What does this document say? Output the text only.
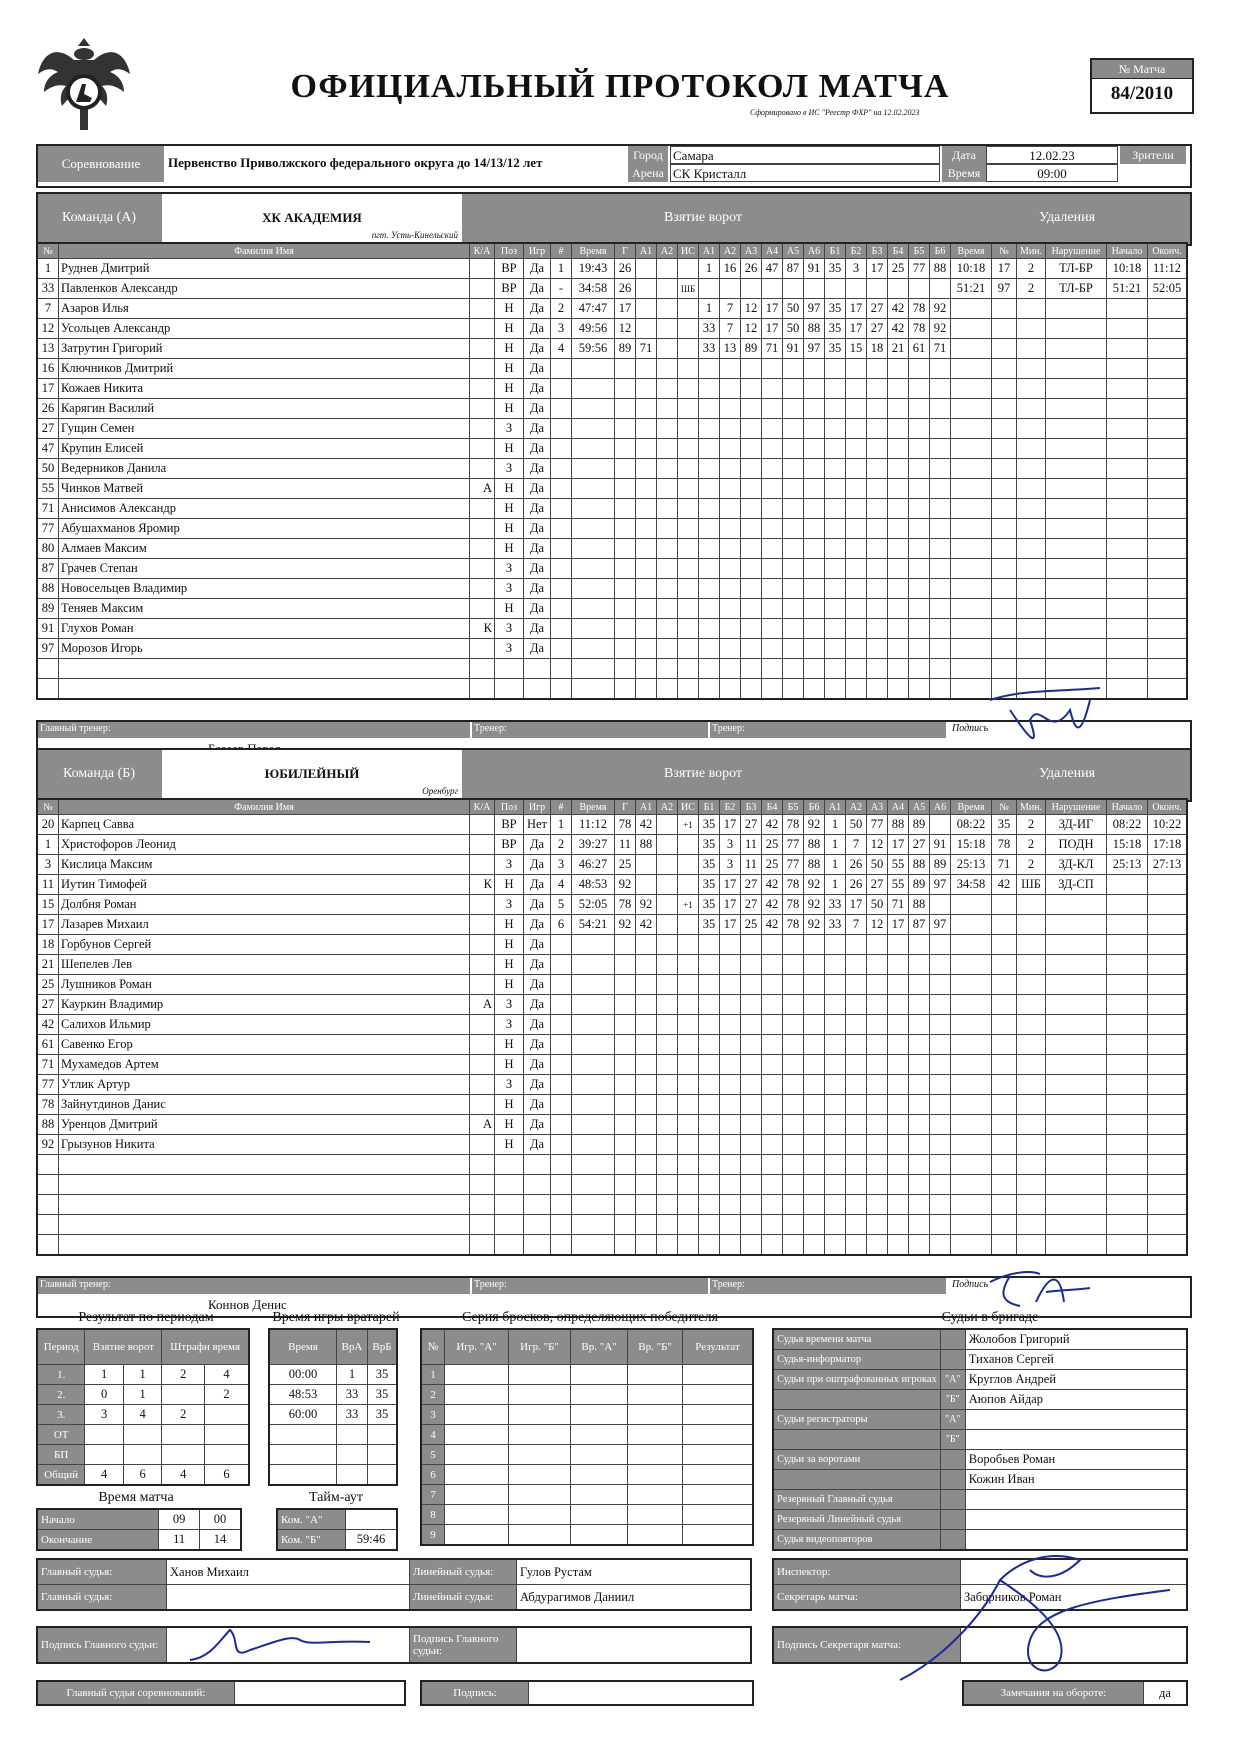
ОФИЦИАЛЬНЫЙ ПРОТОКОЛ МАТЧА
Сформировано в ИС "Реестр ФХР" на 12.02.2023
№ Матча
84/2010
Соревнование	Первенство Приволжского федерального округа до 14/13/12 лет	Город Самара
Арена СК Кристалл
Дата	12.02.23
Время	09:00
Зрители
Команда (А)	ХК АКАДЕМИЯ
пгт. Усть-Кинельский
Взятие ворот	Удаления
№	Фамилия Имя	К/А	Поз	Игр	#	Время	Г	А1	А2	ИС	А1	А2	А3	А4	А5	А6	Б1	Б2	Б3	Б4	Б5	Б6	Время	№	Мин.	Нарушение	Начало	Оконч.
1	Руднев Дмитрий		ВР	Да	1	19:43	26				1	16	26	47	87	91	35	3	17	25	77	88	10:18	17	2	ТЛ-БР	10:18	11:12
33	Павленков Александр		ВР	Да	-	34:58	26			ШБ													51:21	97	2	ТЛ-БР	51:21	52:05
7	Азаров Илья		Н	Да	2	47:47	17				1	7	12	17	50	97	35	17	27	42	78	92						
12	Усольцев Александр		Н	Да	3	49:56	12				33	7	12	17	50	88	35	17	27	42	78	92						
13	Затрутин Григорий		Н	Да	4	59:56	89	71			33	13	89	71	91	97	35	15	18	21	61	71						
16	Ключников Дмитрий		Н	Да																								
17	Кожаев Никита		Н	Да																								
26	Карягин Василий		Н	Да																								
27	Гущин Семен		З	Да																								
47	Крупин Елисей		Н	Да																								
50	Ведерников Данила		З	Да																								
55	Чинков Матвей	А	Н	Да																								
71	Анисимов Александр		Н	Да																								
77	Абушахманов Яромир		Н	Да																								
80	Алмаев Максим		Н	Да																								
87	Грачев Степан		З	Да																								
88	Новосельцев Владимир		З	Да																								
89	Теняев Максим		Н	Да																								
91	Глухов Роман	К	З	Да																								
97	Морозов Игорь		З	Да																								

Главный тренер:	Тренер:	Тренер:	Подпись
Команда (Б)	ЮБИЛЕЙНЫЙ
Оренбург
Взятие ворот	Удаления
№	Фамилия Имя	К/А	Поз	Игр	#	Время	Г	А1	А2	ИС	Б1	Б2	Б3	Б4	Б5	Б6	А1	А2	А3	А4	А5	А6	Время	№	Мин.	Нарушение	Начало	Оконч.
20	Карпец Савва		ВР	Нет	1	11:12	78	42		+1	35	17	27	42	78	92	1	50	77	88	89		08:22	35	2	ЗД-ИГ	08:22	10:22
1	Христофоров Леонид		ВР	Да	2	39:27	11	88			35	3	11	25	77	88	1	7	12	17	27	91	15:18	78	2	ПОДН	15:18	17:18
3	Кислица Максим		З	Да	3	46:27	25				35	3	11	25	77	88	1	26	50	55	88	89	25:13	71	2	ЗД-КЛ	25:13	27:13
11	Иутин Тимофей	К	Н	Да	4	48:53	92				35	17	27	42	78	92	1	26	27	55	89	97	34:58	42	ШБ	ЗД-СП		
15	Долбня Роман		З	Да	5	52:05	78	92		+1	35	17	27	42	78	92	33	17	50	71	88							
17	Лазарев Михаил		Н	Да	6	54:21	92	42			35	17	25	42	78	92	33	7	12	17	87	97						
18	Горбунов Сергей		Н	Да																								
21	Шепелев Лев		Н	Да																								
25	Лушников Роман		Н	Да																								
27	Кауркин Владимир	А	З	Да																								
42	Салихов Ильмир		З	Да																								
61	Савенко Егор		Н	Да																								
71	Мухамедов Артем		Н	Да																								
77	Утлик Артур		З	Да																								
78	Зайнутдинов Данис		Н	Да																								
88	Уренцов Дмитрий	А	Н	Да																								
92	Грызунов Никита		Н	Да																								

Главный тренер:
Коннов Денис
Тренер:	Тренер:	Подпись
Результат по периодам
Период	Взятие ворот		Штрафн время	
1.	1	1	2	4
2.	0	1		2
3.	3	4	2	
ОТ				
БП				
Общий	4	6	4	6
Время игры вратарей
Время	ВрА	ВрБ
00:00	1	35
48:53	33	35
60:00	33	35

Время матча
Начало	09	00
Окончание	11	14
Тайм-аут
Ком. "А"	
Ком. "Б"	59:46
Серия бросков, определяющих победителя
№	Игр. "А"	Игр. "Б"	Вр. "А"	Вр. "Б"	Результат
1					
2					
3					
4					
5					
6					
7					
8					
9					
Судьи в бригаде
Судья времени матча		Жолобов Григорий
Судья-информатор		Тиханов Сергей
Судьи при оштрафованных игроках	"А"	Круглов Андрей
	"Б"	Аюпов Айдар
Судьи регистраторы	"А"	
	"Б"	
Судьи за воротами		Воробьев Роман
		Кожин Иван
Резервный Главный судья		
Резервный Линейный судья		
Судья видеоповторов		
Главный судья:	Ханов Михаил	Линейный судья:	Гулов Рустам
Главный судья:		Линейный судья:	Абдурагимов Даниил
Инспектор:	
Секретарь матча:	Заборников Роман
Подпись Главного судьи:		Подпись Главного судьи:		Подпись Секретаря матча:	
Главный судья соревнований:		Подпись:		Замечания на обороте:	да
